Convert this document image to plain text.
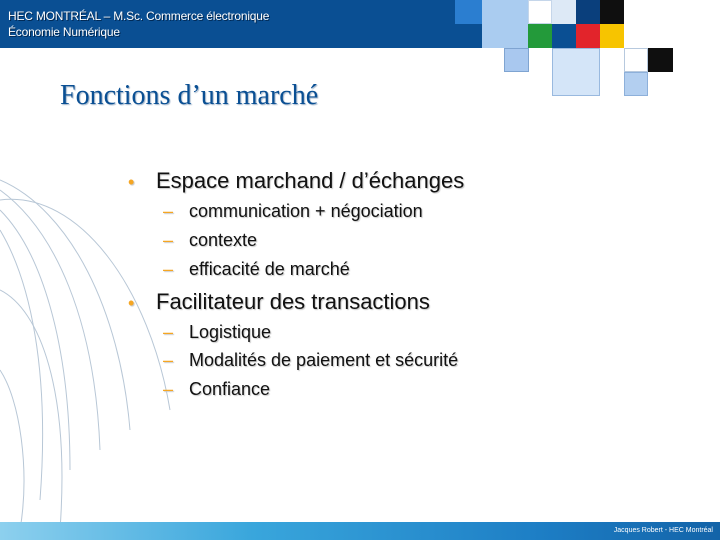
HEC MONTRÉAL – M.Sc. Commerce électronique
Économie Numérique
Fonctions d’un marché
• Espace marchand / d’échanges
– communication + négociation
– contexte
– efficacité de marché
• Facilitateur des transactions
– Logistique
– Modalités de paiement et sécurité
– Confiance
Jacques Robert - HEC Montréal
